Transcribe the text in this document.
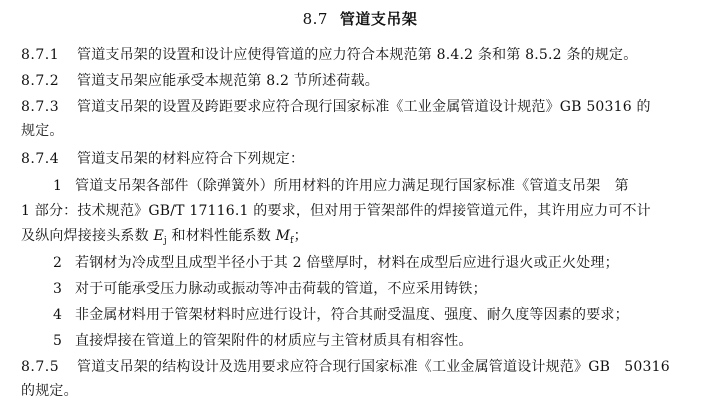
8.7 管道支吊架
8.7.1 管道支吊架的设置和设计应使得管道的应力符合本规范第 8.4.2 条和第 8.5.2 条的规定。
8.7.2 管道支吊架应能承受本规范第 8.2 节所述荷载。
8.7.3 管道支吊架的设置及跨距要求应符合现行国家标准《工业金属管道设计规范》GB 50316 的
规定。
8.7.4 管道支吊架的材料应符合下列规定：
1 管道支吊架各部件（除弹簧外）所用材料的许用应力满足现行国家标准《管道支吊架　第
1 部分：技术规范》GB/T 17116.1 的要求，但对用于管架部件的焊接管道元件，其许用应力可不计
及纵向焊接接头系数 $E_j$ 和材料性能系数 $M_f$；
2 若钢材为冷成型且成型半径小于其 2 倍壁厚时，材料在成型后应进行退火或正火处理；
3 对于可能承受压力脉动或振动等冲击荷载的管道，不应采用铸铁；
4 非金属材料用于管架材料时应进行设计，符合其耐受温度、强度、耐久度等因素的要求；
5 直接焊接在管道上的管架附件的材质应与主管材质具有相容性。
8.7.5 管道支吊架的结构设计及选用要求应符合现行国家标准《工业金属管道设计规范》GB　50316
的规定。
